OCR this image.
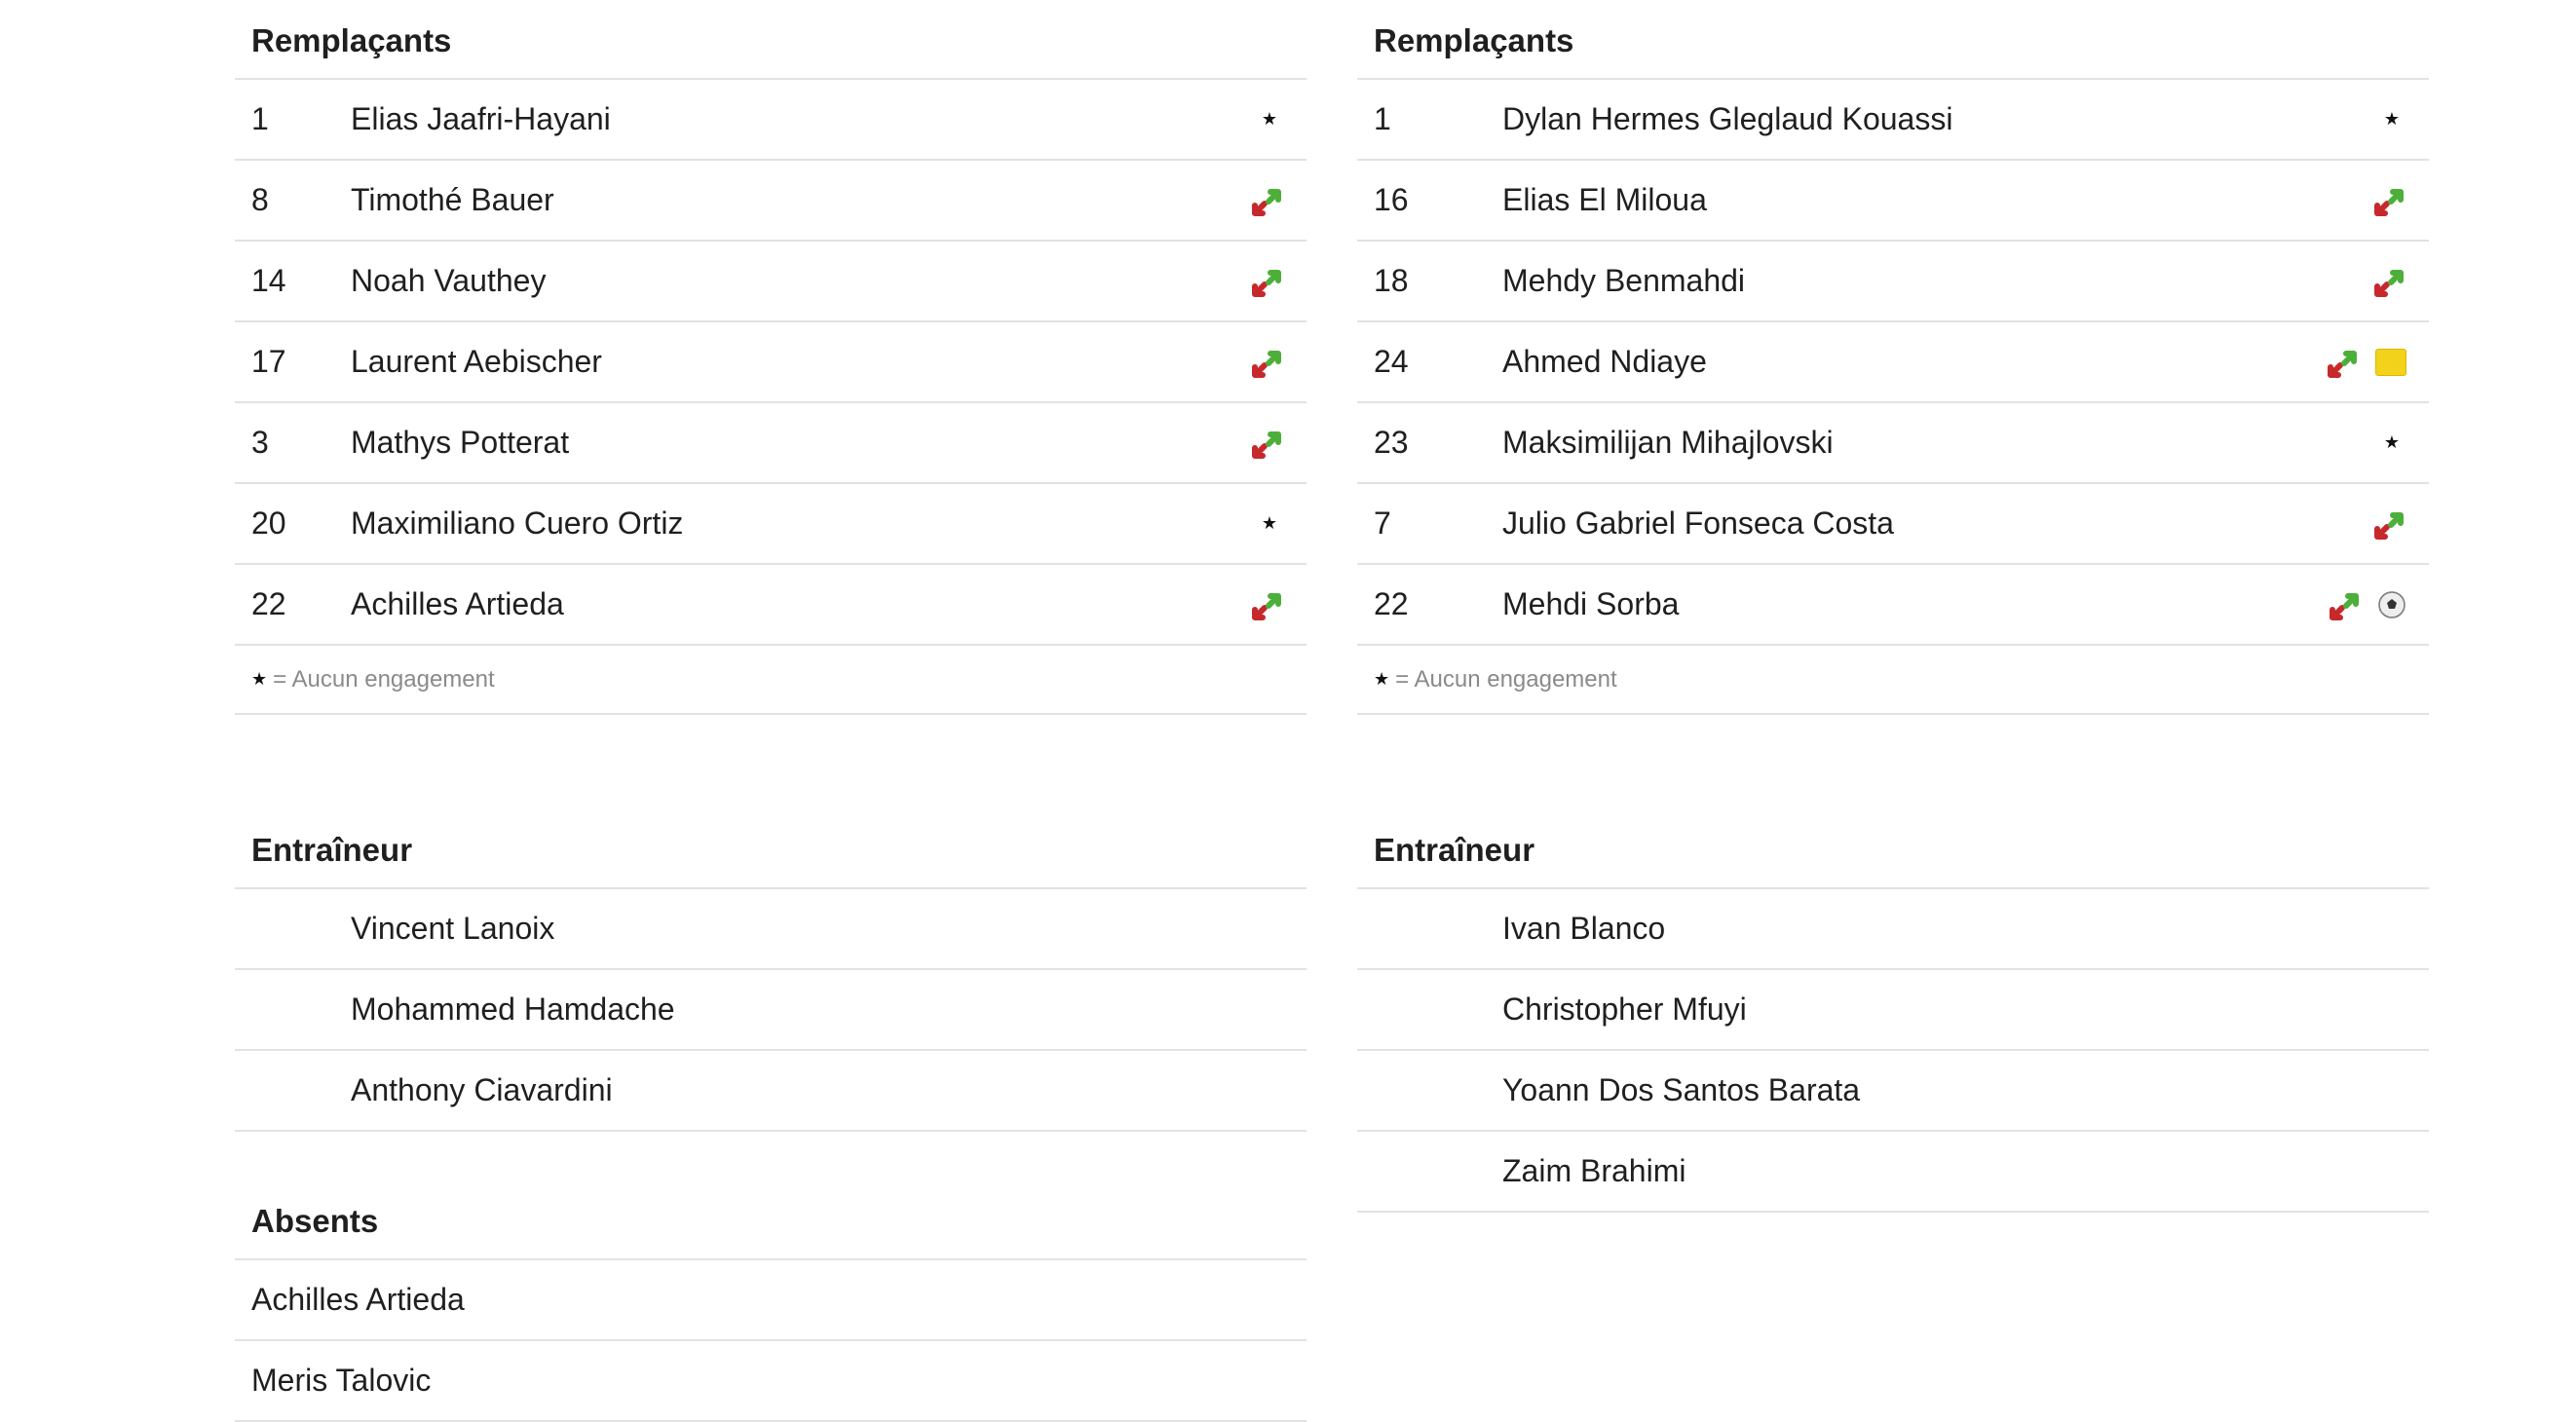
Remplaçants
1	Elias Jaafri-Hayani	★
8	Timothé Bauer
14	Noah Vauthey
17	Laurent Aebischer
3	Mathys Potterat
20	Maximiliano Cuero Ortiz	★
22	Achilles Artieda
★ = Aucun engagement
Entraîneur
Vincent Lanoix
Mohammed Hamdache
Anthony Ciavardini
Absents
Achilles Artieda
Meris Talovic
Remplaçants
1	Dylan Hermes Gleglaud Kouassi	★
16	Elias El Miloua
18	Mehdy Benmahdi
24	Ahmed Ndiaye
23	Maksimilijan Mihajlovski	★
7	Julio Gabriel Fonseca Costa
22	Mehdi Sorba
★ = Aucun engagement
Entraîneur
Ivan Blanco
Christopher Mfuyi
Yoann Dos Santos Barata
Zaim Brahimi
